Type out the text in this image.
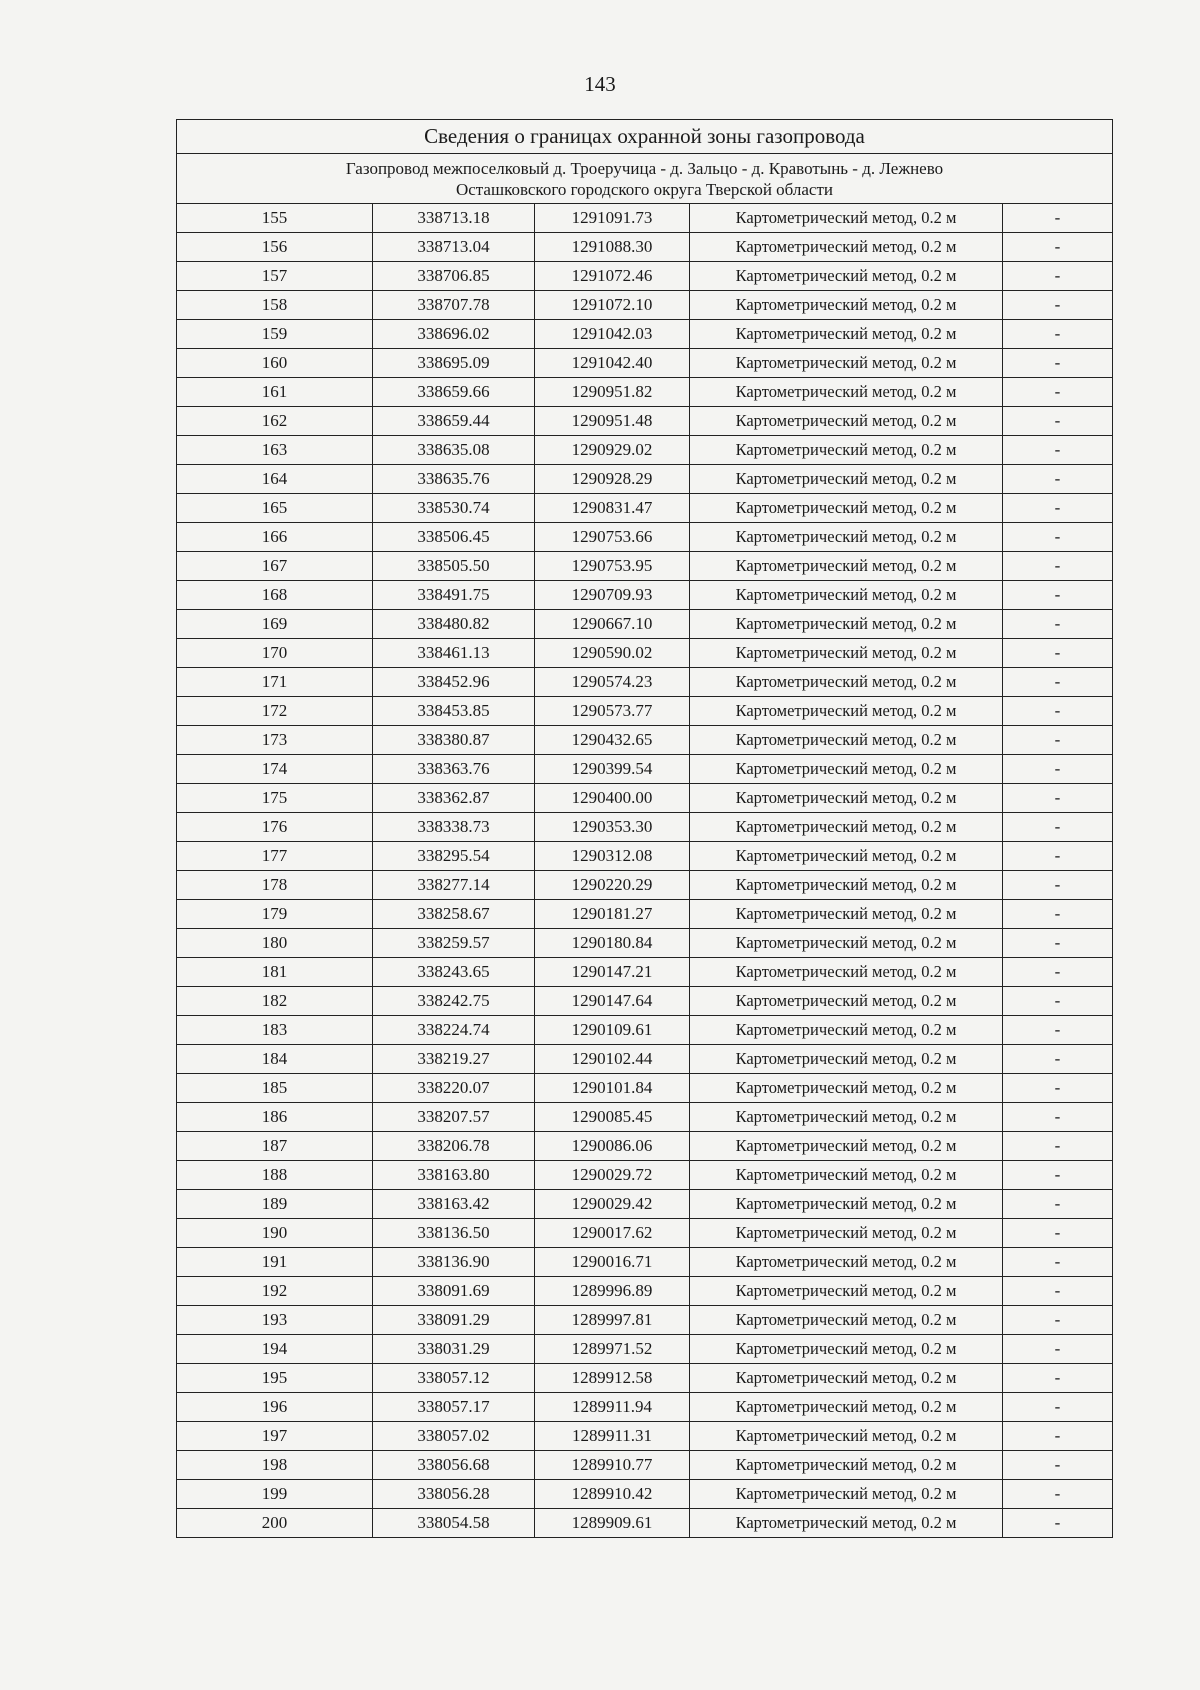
143
Сведения о границах охранной зоны газопровода				

Газопровод межпоселковый д. Троеручица - д. Зальцо - д. Кравотынь - д. Лежнево
Осташковского городского округа Тверской области				

155	338713.18	1291091.73	Картометрический метод, 0.2 м	-
156	338713.04	1291088.30	Картометрический метод, 0.2 м	-
157	338706.85	1291072.46	Картометрический метод, 0.2 м	-
158	338707.78	1291072.10	Картометрический метод, 0.2 м	-
159	338696.02	1291042.03	Картометрический метод, 0.2 м	-
160	338695.09	1291042.40	Картометрический метод, 0.2 м	-
161	338659.66	1290951.82	Картометрический метод, 0.2 м	-
162	338659.44	1290951.48	Картометрический метод, 0.2 м	-
163	338635.08	1290929.02	Картометрический метод, 0.2 м	-
164	338635.76	1290928.29	Картометрический метод, 0.2 м	-
165	338530.74	1290831.47	Картометрический метод, 0.2 м	-
166	338506.45	1290753.66	Картометрический метод, 0.2 м	-
167	338505.50	1290753.95	Картометрический метод, 0.2 м	-
168	338491.75	1290709.93	Картометрический метод, 0.2 м	-
169	338480.82	1290667.10	Картометрический метод, 0.2 м	-
170	338461.13	1290590.02	Картометрический метод, 0.2 м	-
171	338452.96	1290574.23	Картометрический метод, 0.2 м	-
172	338453.85	1290573.77	Картометрический метод, 0.2 м	-
173	338380.87	1290432.65	Картометрический метод, 0.2 м	-
174	338363.76	1290399.54	Картометрический метод, 0.2 м	-
175	338362.87	1290400.00	Картометрический метод, 0.2 м	-
176	338338.73	1290353.30	Картометрический метод, 0.2 м	-
177	338295.54	1290312.08	Картометрический метод, 0.2 м	-
178	338277.14	1290220.29	Картометрический метод, 0.2 м	-
179	338258.67	1290181.27	Картометрический метод, 0.2 м	-
180	338259.57	1290180.84	Картометрический метод, 0.2 м	-
181	338243.65	1290147.21	Картометрический метод, 0.2 м	-
182	338242.75	1290147.64	Картометрический метод, 0.2 м	-
183	338224.74	1290109.61	Картометрический метод, 0.2 м	-
184	338219.27	1290102.44	Картометрический метод, 0.2 м	-
185	338220.07	1290101.84	Картометрический метод, 0.2 м	-
186	338207.57	1290085.45	Картометрический метод, 0.2 м	-
187	338206.78	1290086.06	Картометрический метод, 0.2 м	-
188	338163.80	1290029.72	Картометрический метод, 0.2 м	-
189	338163.42	1290029.42	Картометрический метод, 0.2 м	-
190	338136.50	1290017.62	Картометрический метод, 0.2 м	-
191	338136.90	1290016.71	Картометрический метод, 0.2 м	-
192	338091.69	1289996.89	Картометрический метод, 0.2 м	-
193	338091.29	1289997.81	Картометрический метод, 0.2 м	-
194	338031.29	1289971.52	Картометрический метод, 0.2 м	-
195	338057.12	1289912.58	Картометрический метод, 0.2 м	-
196	338057.17	1289911.94	Картометрический метод, 0.2 м	-
197	338057.02	1289911.31	Картометрический метод, 0.2 м	-
198	338056.68	1289910.77	Картометрический метод, 0.2 м	-
199	338056.28	1289910.42	Картометрический метод, 0.2 м	-
200	338054.58	1289909.61	Картометрический метод, 0.2 м	-
